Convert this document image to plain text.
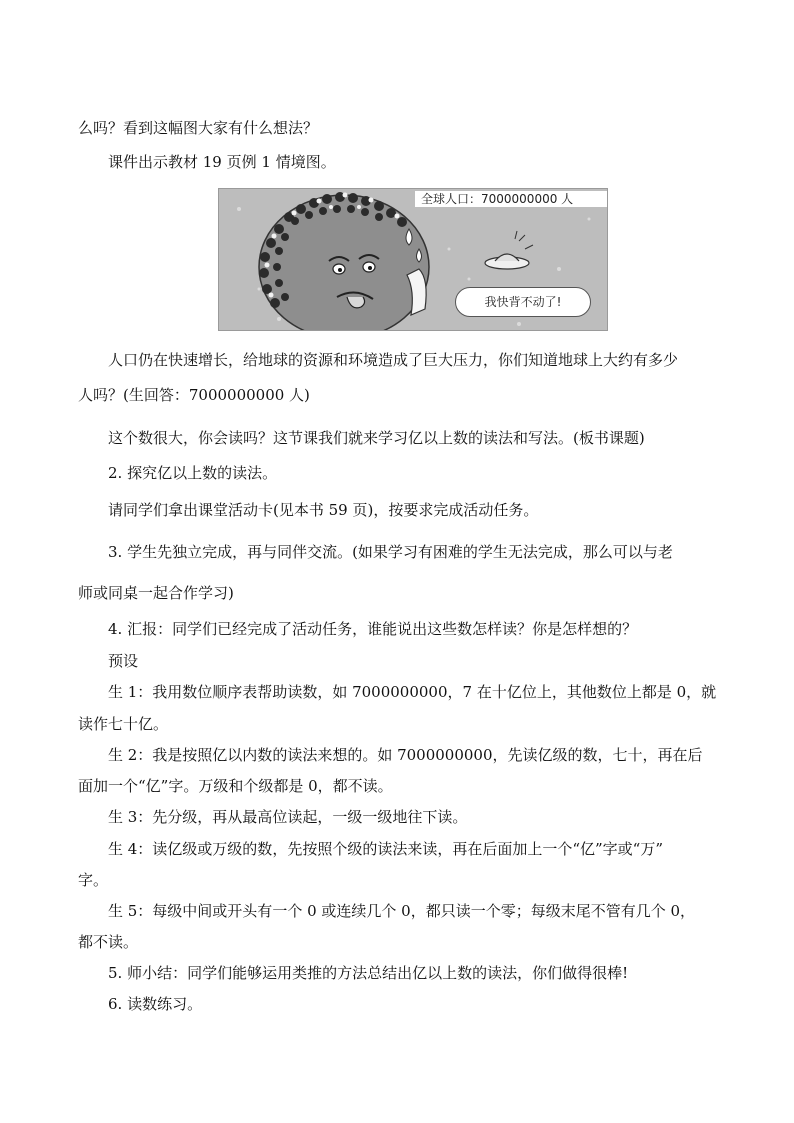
么吗？看到这幅图大家有什么想法？
课件出示教材 19 页例 1 情境图。
全球人口：7000000000 人
我快背不动了!
人口仍在快速增长，给地球的资源和环境造成了巨大压力，你们知道地球上大约有多少
人吗？(生回答：7000000000 人)
这个数很大，你会读吗？这节课我们就来学习亿以上数的读法和写法。(板书课题)
2. 探究亿以上数的读法。
请同学们拿出课堂活动卡(见本书 59 页)，按要求完成活动任务。
3. 学生先独立完成，再与同伴交流。(如果学习有困难的学生无法完成，那么可以与老
师或同桌一起合作学习)
4. 汇报：同学们已经完成了活动任务，谁能说出这些数怎样读？你是怎样想的？
预设
生 1：我用数位顺序表帮助读数，如 7000000000，7 在十亿位上，其他数位上都是 0，就
读作七十亿。
生 2：我是按照亿以内数的读法来想的。如 7000000000，先读亿级的数，七十，再在后
面加一个“亿”字。万级和个级都是 0，都不读。
生 3：先分级，再从最高位读起，一级一级地往下读。
生 4：读亿级或万级的数，先按照个级的读法来读，再在后面加上一个“亿”字或“万”
字。
生 5：每级中间或开头有一个 0 或连续几个 0，都只读一个零；每级末尾不管有几个 0，
都不读。
5. 师小结：同学们能够运用类推的方法总结出亿以上数的读法，你们做得很棒!
6. 读数练习。
